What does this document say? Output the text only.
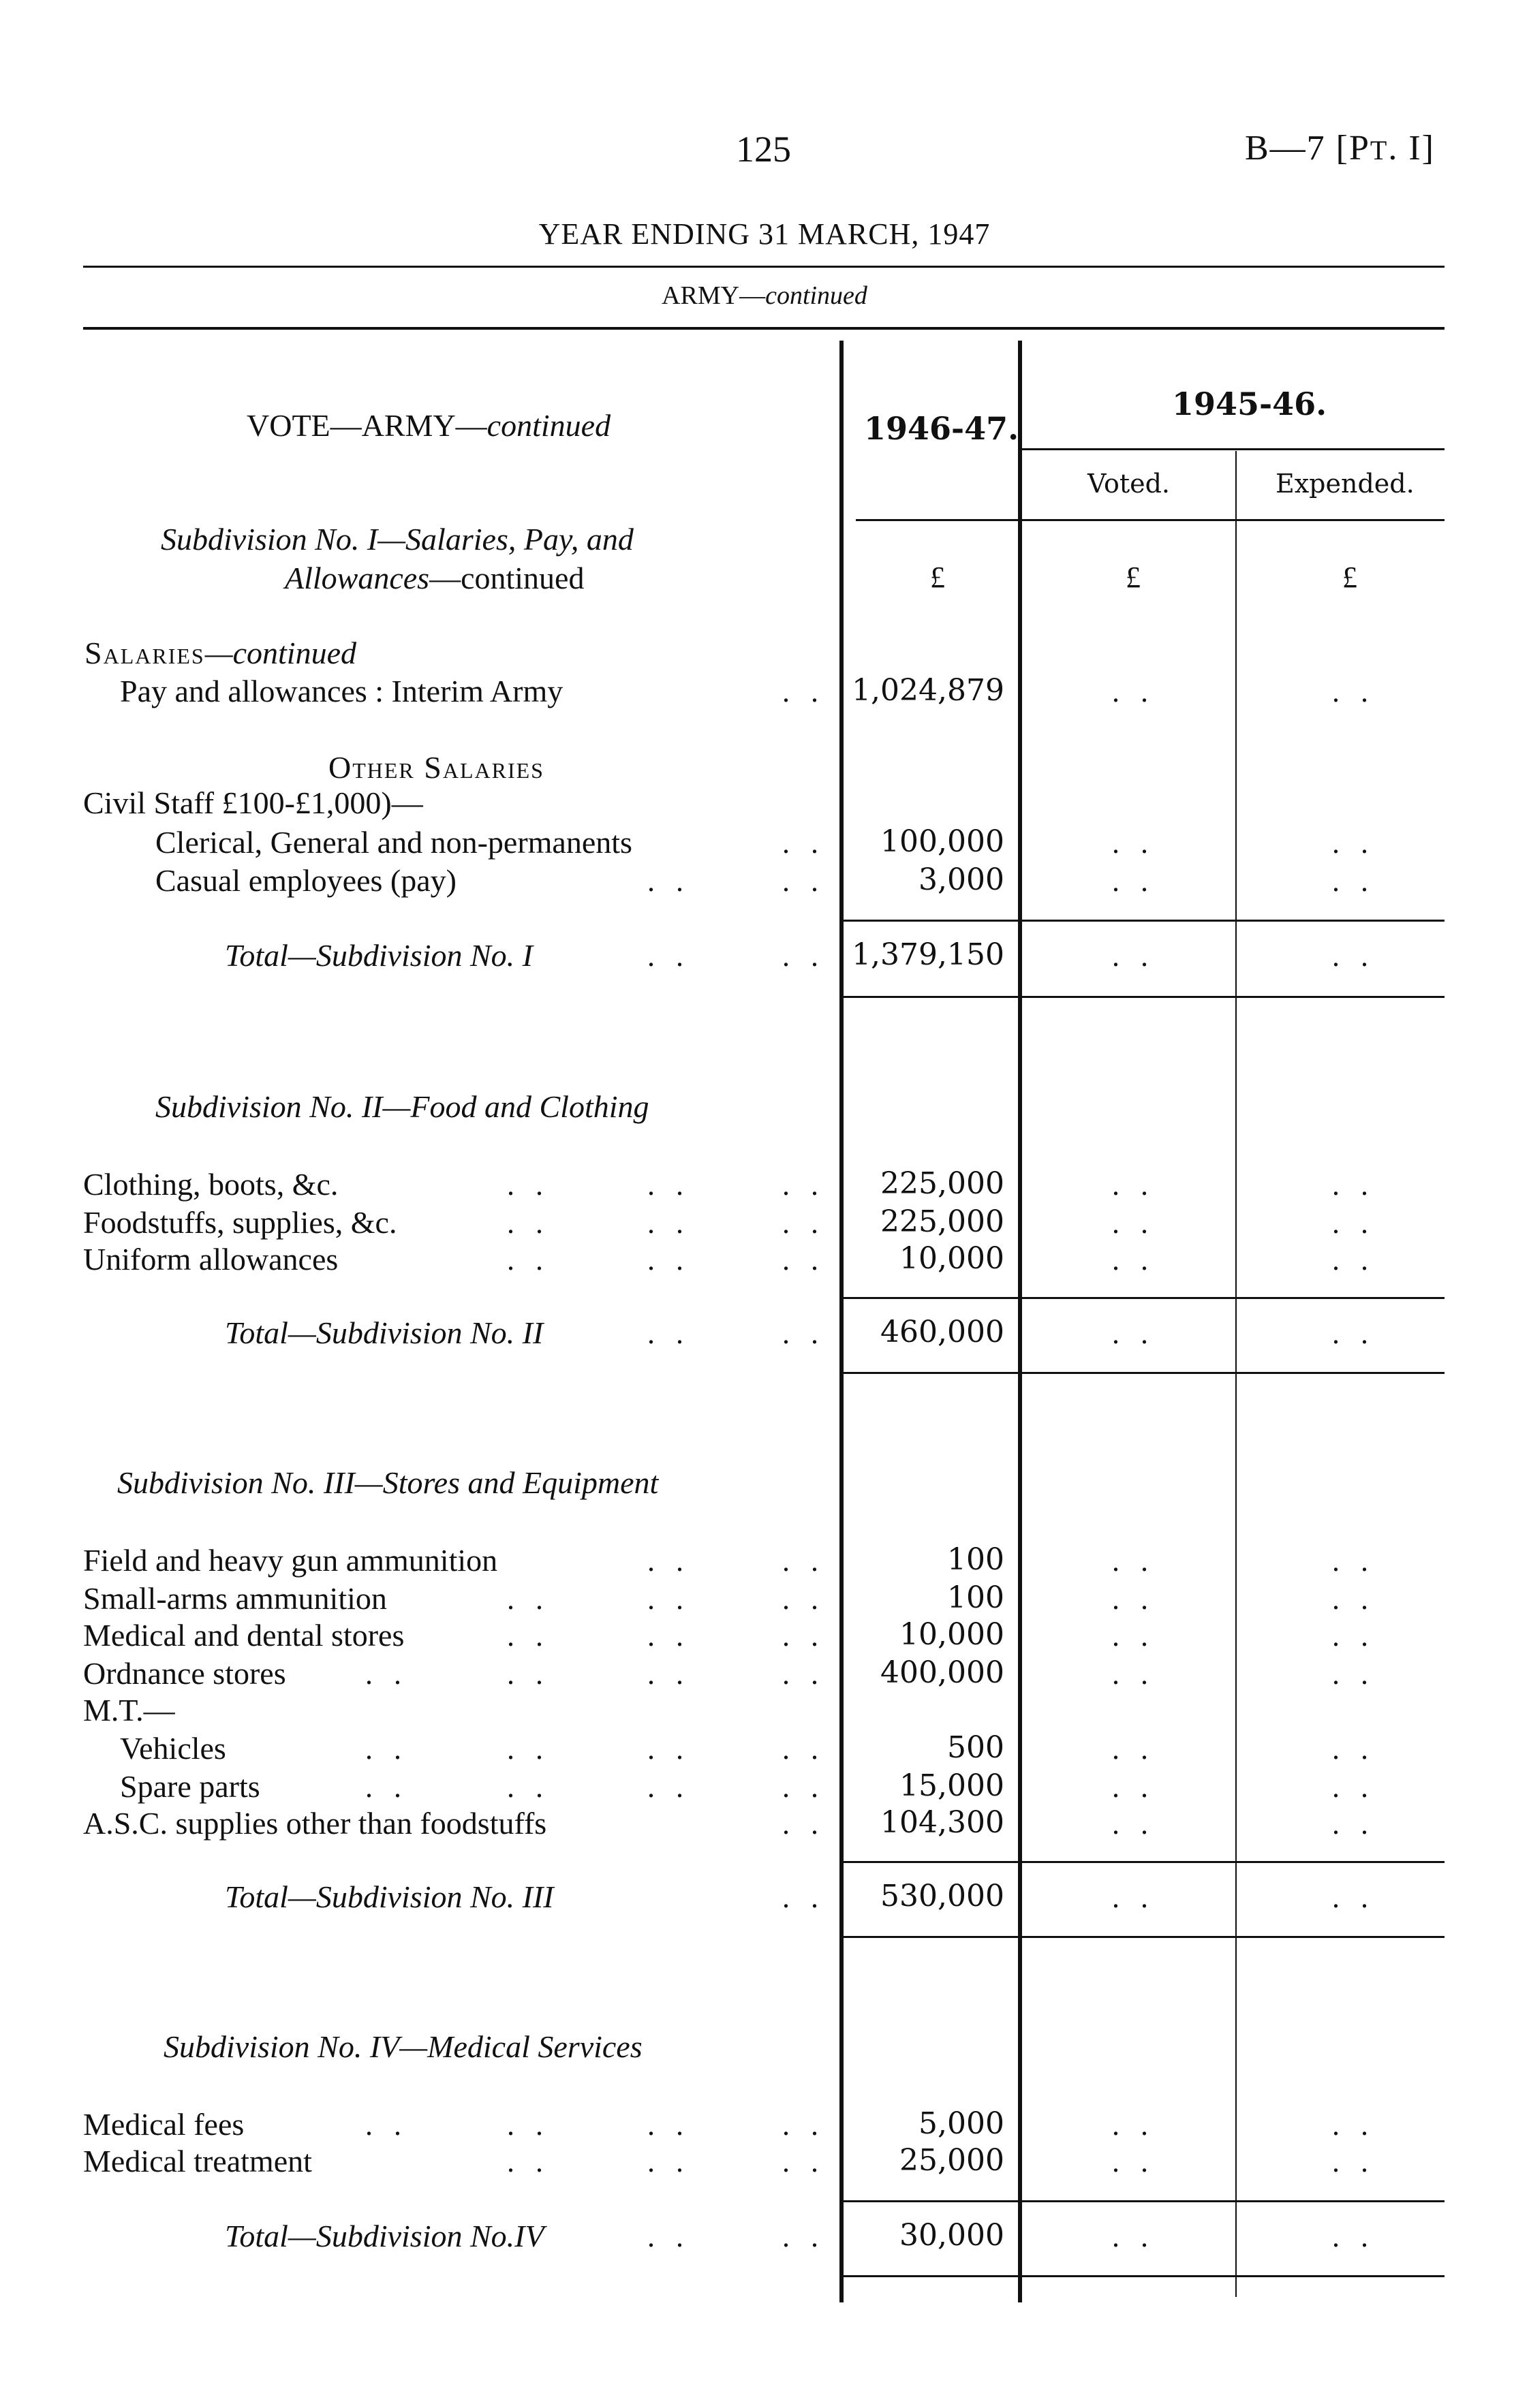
125	B—7 [PT. I]
YEAR ENDING 31 MARCH, 1947
ARMY—continued
VOTE—ARMY—continued	1946-47.
1945-46.
Voted.	Expended.
Subdivision No. I—Salaries, Pay, and
Allowances—continued	£	£	£
Salaries—continued
Pay and allowances : Interim Army	. . 1,024,879	. .	. .
Other Salaries
Civil Staff £100-£1,000)—
Clerical, General and non-permanents	. .	100,000	. .	. .
Casual employees (pay)	. .	. .	3,000	. .	. .
Total—Subdivision No. I	. .	. . 1,379,150	. .	. .
Subdivision No. II—Food and Clothing
Clothing, boots, &c.	. .	. .	. .	225,000	. .	. .
Foodstuffs, supplies, &c.	. .	. .	. .	225,000	. .	. .
Uniform allowances	. .	. .	. .	10,000	. .	. .
Total—Subdivision No. II	. .	. .	460,000	. .	. .
Subdivision No. III—Stores and Equipment
Field and heavy gun ammunition	. .	. .	100	. .	. .
Small-arms ammunition	. .	. .	. .	100	. .	. .
Medical and dental stores	. .	. .	. .	10,000	. .	. .
Ordnance stores	. .	. .	. .	. .	400,000	. .	. .
M.T.—
Vehicles	. .	. .	. .	. .	500	. .	. .
Spare parts	. .	. .	. .	. .	15,000	. .	. .
A.S.C. supplies other than foodstuffs	. .	104,300	. .	. .
Total—Subdivision No. III	. .	530,000	. .	. .
Subdivision No. IV—Medical Services
Medical fees	. .	. .	. .	. .	5,000	. .	. .
Medical treatment	. .	. .	. .	25,000	. .	. .
Total—Subdivision No.IV	. .	. .	30,000	. .	. .
